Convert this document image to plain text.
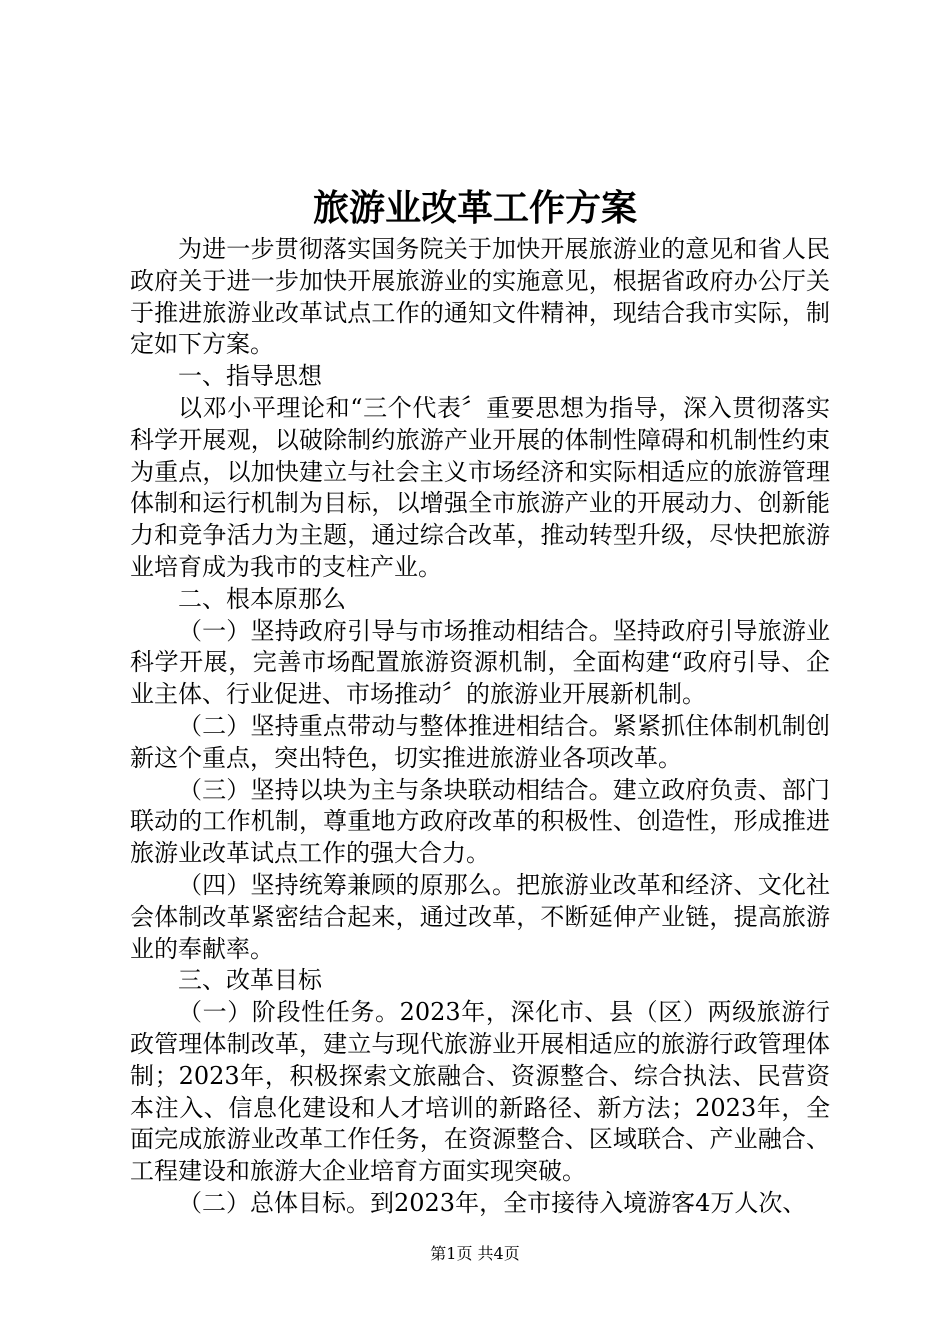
旅游业改革工作方案

为进一步贯彻落实国务院关于加快开展旅游业的意见和省人民政府关于进一步加快开展旅游业的实施意见，根据省政府办公厅关于推进旅游业改革试点工作的通知文件精神，现结合我市实际，制定如下方案。

一、指导思想

以邓小平理论和“三个代表〞重要思想为指导，深入贯彻落实科学开展观，以破除制约旅游产业开展的体制性障碍和机制性约束为重点，以加快建立与社会主义市场经济和实际相适应的旅游管理体制和运行机制为目标，以增强全市旅游产业的开展动力、创新能力和竞争活力为主题，通过综合改革，推动转型升级，尽快把旅游业培育成为我市的支柱产业。

二、根本原那么

（一）坚持政府引导与市场推动相结合。坚持政府引导旅游业科学开展，完善市场配置旅游资源机制，全面构建“政府引导、企业主体、行业促进、市场推动〞的旅游业开展新机制。

（二）坚持重点带动与整体推进相结合。紧紧抓住体制机制创新这个重点，突出特色，切实推进旅游业各项改革。

（三）坚持以块为主与条块联动相结合。建立政府负责、部门联动的工作机制，尊重地方政府改革的积极性、创造性，形成推进旅游业改革试点工作的强大合力。

（四）坚持统筹兼顾的原那么。把旅游业改革和经济、文化社会体制改革紧密结合起来，通过改革，不断延伸产业链，提高旅游业的奉献率。

三、改革目标

（一）阶段性任务。2023年，深化市、县（区）两级旅游行政管理体制改革，建立与现代旅游业开展相适应的旅游行政管理体制；2023年，积极探索文旅融合、资源整合、综合执法、民营资本注入、信息化建设和人才培训的新路径、新方法；2023年，全面完成旅游业改革工作任务，在资源整合、区域联合、产业融合、工程建设和旅游大企业培育方面实现突破。

（二）总体目标。到2023年，全市接待入境游客4万人次、

第1页 共4页
